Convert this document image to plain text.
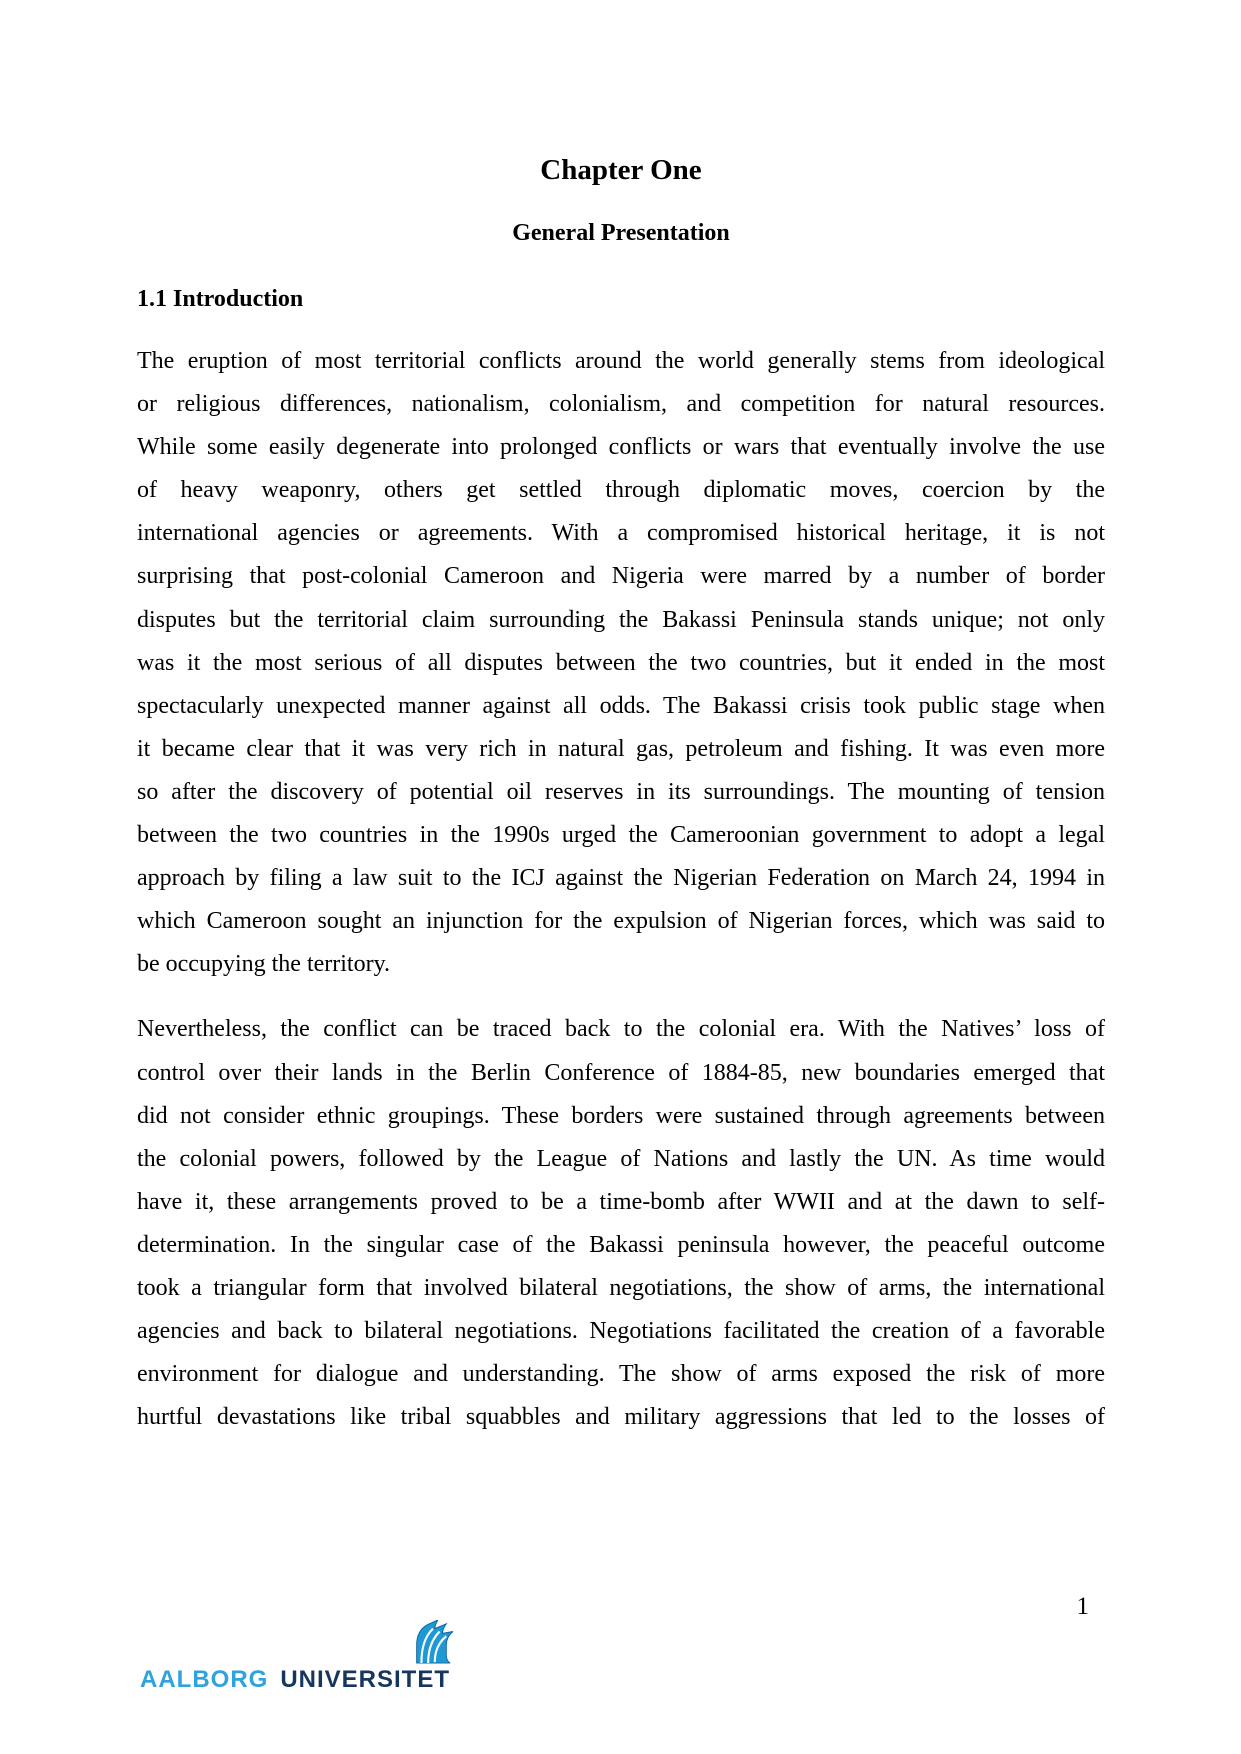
Chapter One
General Presentation
1.1 Introduction
The eruption of most territorial conflicts around the world generally stems from ideological
or religious differences, nationalism, colonialism, and competition for natural resources.
While some easily degenerate into prolonged conflicts or wars that eventually involve the use
of heavy weaponry, others get settled through diplomatic moves, coercion by the
international agencies or agreements. With a compromised historical heritage, it is not
surprising that post-colonial Cameroon and Nigeria were marred by a number of border
disputes but the territorial claim surrounding the Bakassi Peninsula stands unique; not only
was it the most serious of all disputes between the two countries, but it ended in the most
spectacularly unexpected manner against all odds. The Bakassi crisis took public stage when
it became clear that it was very rich in natural gas, petroleum and fishing. It was even more
so after the discovery of potential oil reserves in its surroundings. The mounting of tension
between the two countries in the 1990s urged the Cameroonian government to adopt a legal
approach by filing a law suit to the ICJ against the Nigerian Federation on March 24, 1994 in
which Cameroon sought an injunction for the expulsion of Nigerian forces, which was said to
be occupying the territory.
Nevertheless, the conflict can be traced back to the colonial era. With the Natives’ loss of
control over their lands in the Berlin Conference of 1884-85, new boundaries emerged that
did not consider ethnic groupings. These borders were sustained through agreements between
the colonial powers, followed by the League of Nations and lastly the UN. As time would
have it, these arrangements proved to be a time-bomb after WWII and at the dawn to self-
determination. In the singular case of the Bakassi peninsula however, the peaceful outcome
took a triangular form that involved bilateral negotiations, the show of arms, the international
agencies and back to bilateral negotiations. Negotiations facilitated the creation of a favorable
environment for dialogue and understanding. The show of arms exposed the risk of more
hurtful devastations like tribal squabbles and military aggressions that led to the losses of
1
AALBORG UNIVERSITET
